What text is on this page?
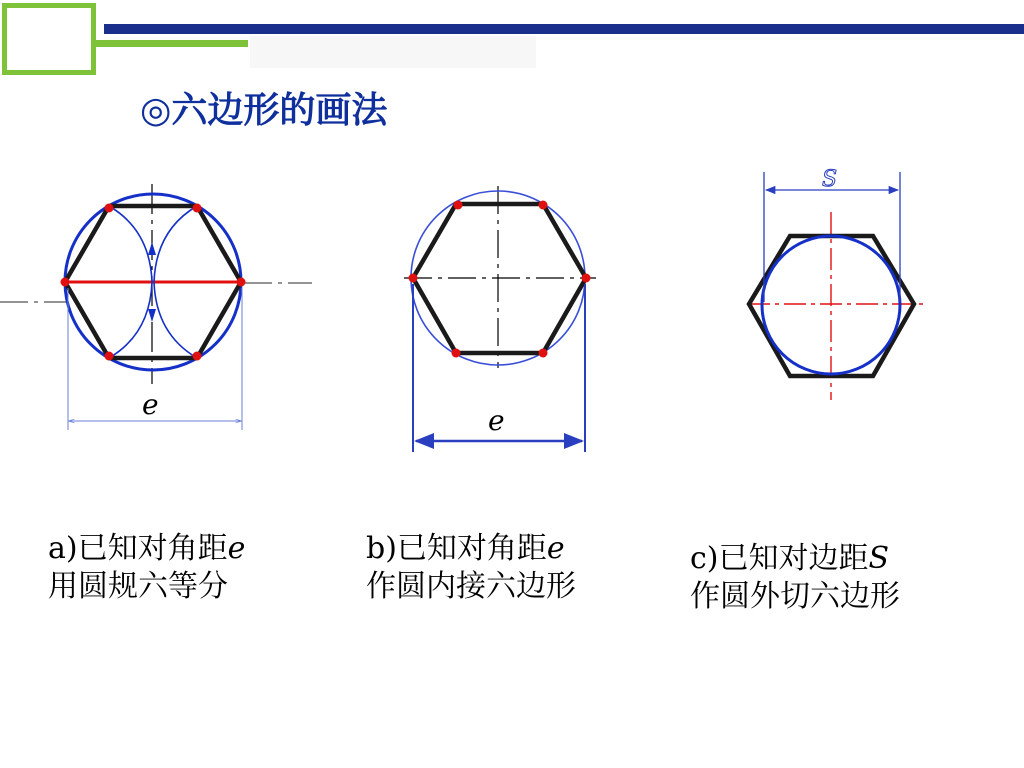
◎六边形的画法
e	e
S
a)已知对角距e
用圆规六等分
b)已知对角距e
作圆内接六边形
c)已知对边距S
作圆外切六边形
